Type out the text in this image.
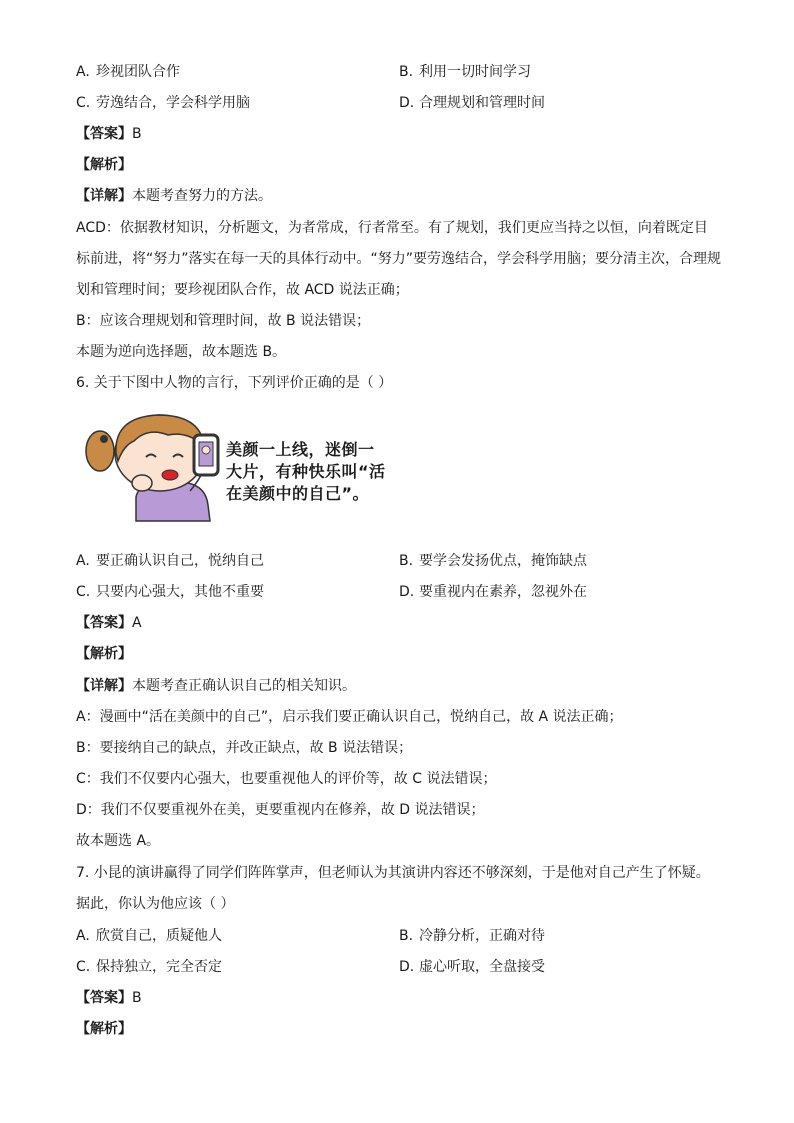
A. 珍视团队合作	B. 利用一切时间学习
C. 劳逸结合，学会科学用脑	D. 合理规划和管理时间
【答案】B
【解析】
【详解】本题考查努力的方法。
ACD：依据教材知识，分析题文，为者常成，行者常至。有了规划，我们更应当持之以恒，向着既定目
标前进，将“努力”落实在每一天的具体行动中。“努力”要劳逸结合，学会科学用脑；要分清主次，合理规
划和管理时间；要珍视团队合作，故 ACD 说法正确；
B：应该合理规划和管理时间，故 B 说法错误；
本题为逆向选择题，故本题选 B。
6. 关于下图中人物的言行，下列评价正确的是（ ）
美颜一上线，迷倒一
大片，有种快乐叫“活
在美颜中的自己”。
A. 要正确认识自己，悦纳自己	B. 要学会发扬优点，掩饰缺点
C. 只要内心强大，其他不重要	D. 要重视内在素养，忽视外在
【答案】A
【解析】
【详解】本题考查正确认识自己的相关知识。
A：漫画中“活在美颜中的自己”，启示我们要正确认识自己，悦纳自己，故 A 说法正确；
B：要接纳自己的缺点，并改正缺点，故 B 说法错误；
C：我们不仅要内心强大，也要重视他人的评价等，故 C 说法错误；
D：我们不仅要重视外在美，更要重视内在修养，故 D 说法错误；
故本题选 A。
7. 小昆的演讲赢得了同学们阵阵掌声，但老师认为其演讲内容还不够深刻，于是他对自己产生了怀疑。
据此，你认为他应该（ ）
A. 欣赏自己，质疑他人	B. 冷静分析，正确对待
C. 保持独立，完全否定	D. 虚心听取，全盘接受
【答案】B
【解析】
